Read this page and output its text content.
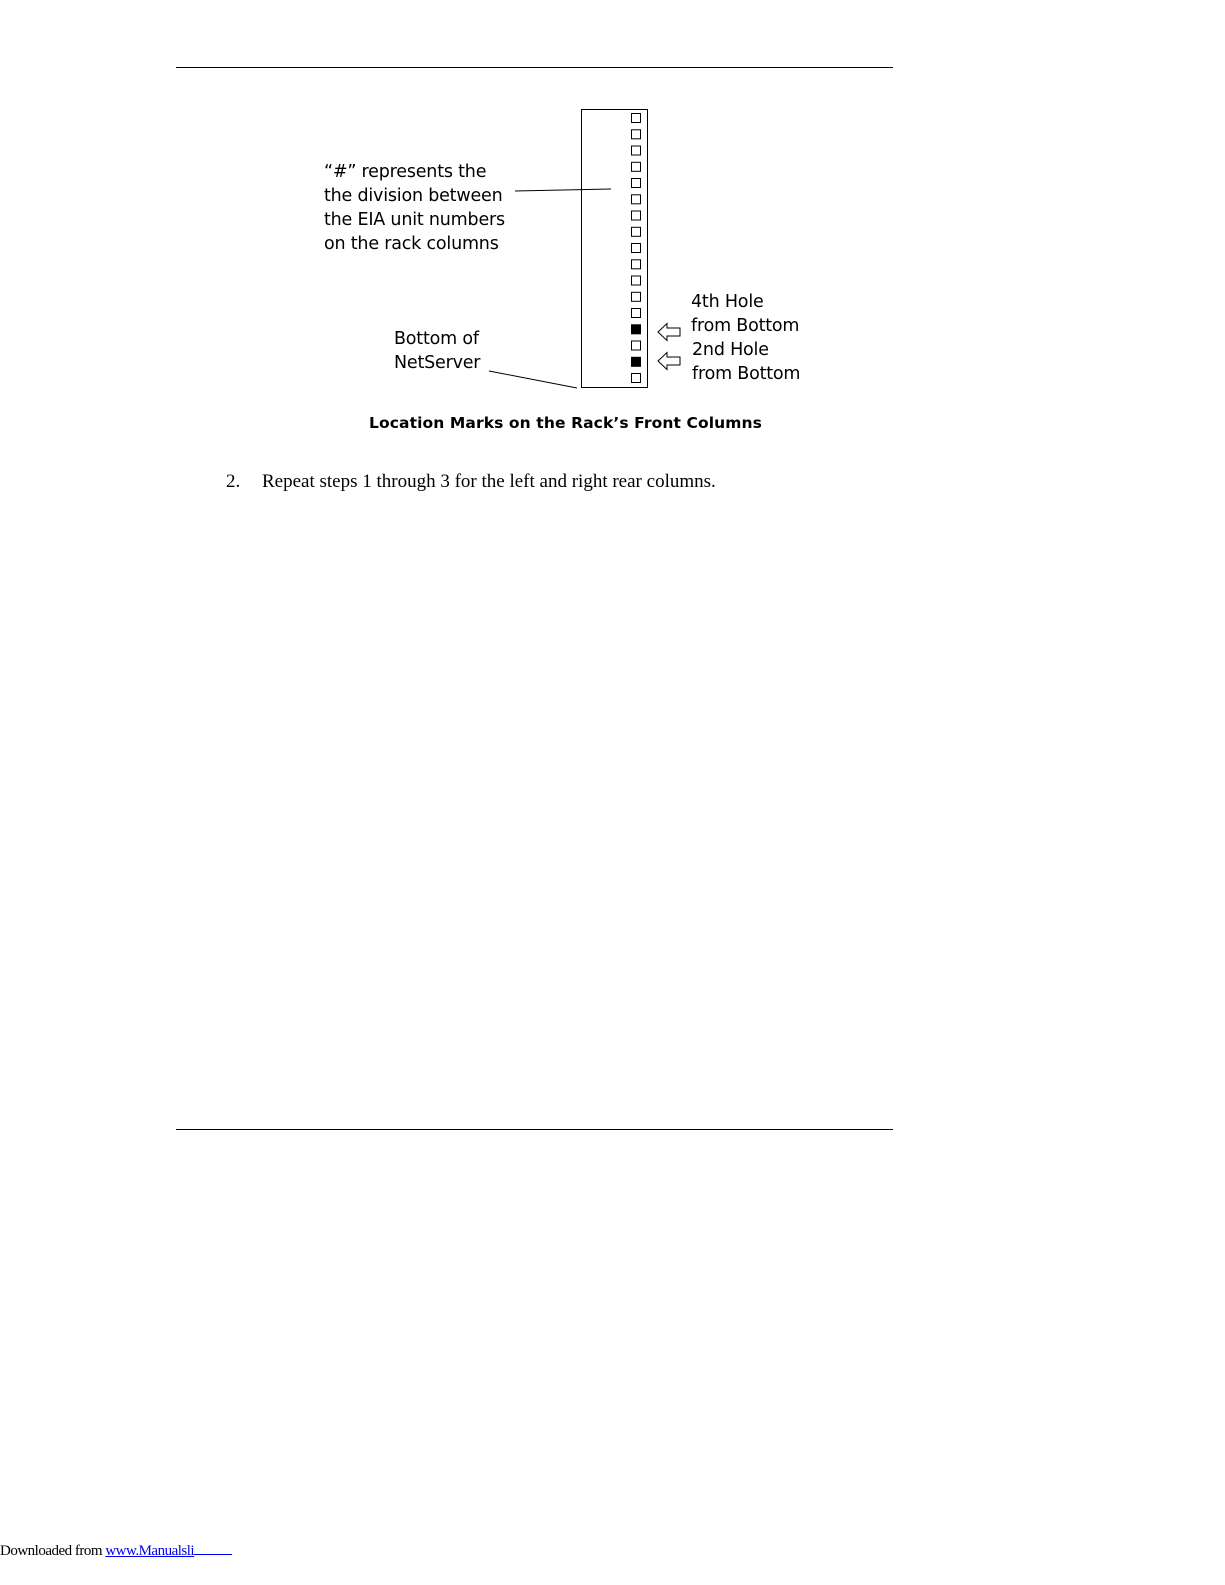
“#” represents the
the division between
the EIA unit numbers
on the rack columns
Bottom of
NetServer
4th Hole
from Bottom
2nd Hole
from Bottom
Location Marks on the Rack’s Front Columns
2. Repeat steps 1 through 3 for the left and right rear columns.
Downloaded from www.Manualsli
